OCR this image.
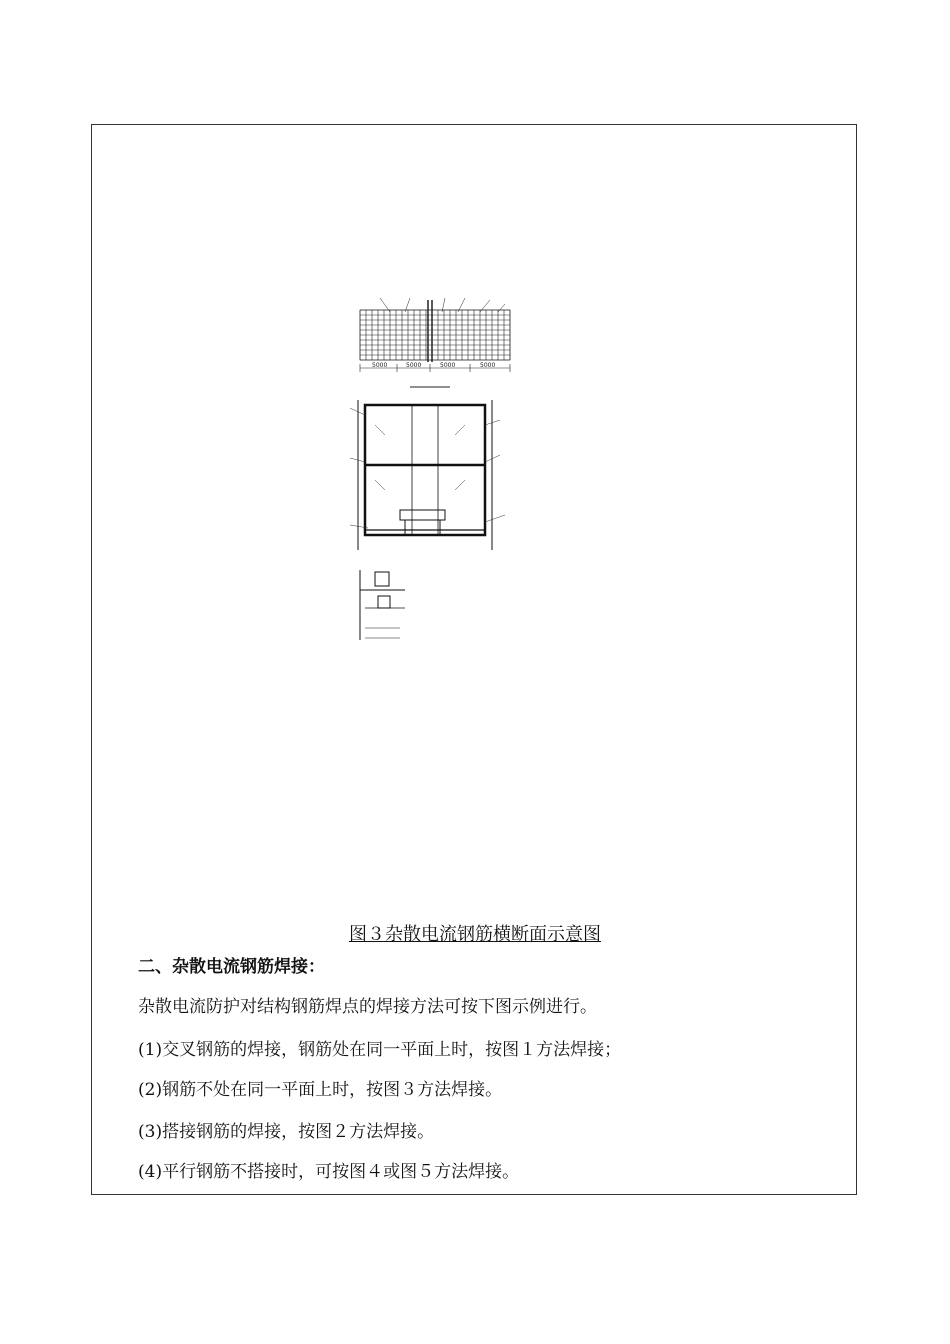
5000	5000	5000	5000
图３杂散电流钢筋横断面示意图
二、杂散电流钢筋焊接：
杂散电流防护对结构钢筋焊点的焊接方法可按下图示例进行。
(1)交叉钢筋的焊接，钢筋处在同一平面上时，按图１方法焊接；
(2)钢筋不处在同一平面上时，按图３方法焊接。
(3)搭接钢筋的焊接，按图２方法焊接。
(4)平行钢筋不搭接时，可按图４或图５方法焊接。
